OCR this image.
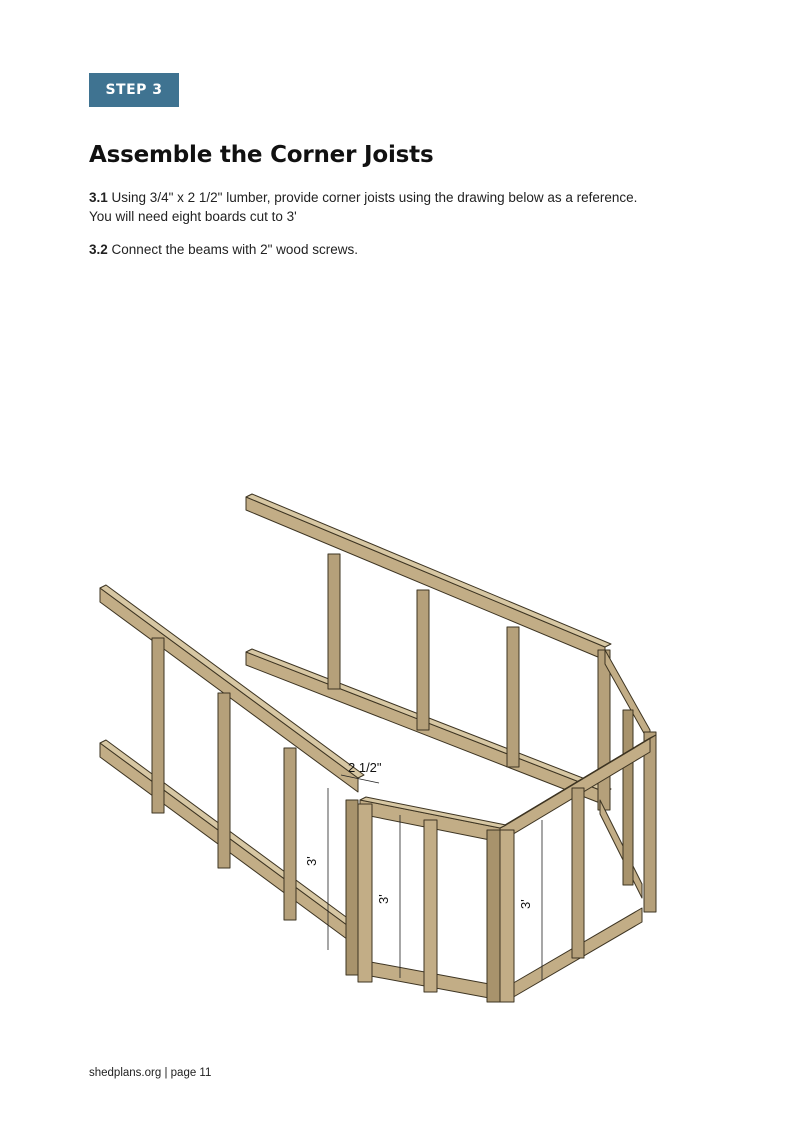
STEP 3
Assemble the Corner Joists

3.1 Using 3/4" x 2 1/2" lumber, provide corner joists using the drawing below as a reference.
You will need eight boards cut to 3'

3.2 Connect the beams with 2" wood screws.

2 1/2"
3'
3'
3'
shedplans.org | page 11
